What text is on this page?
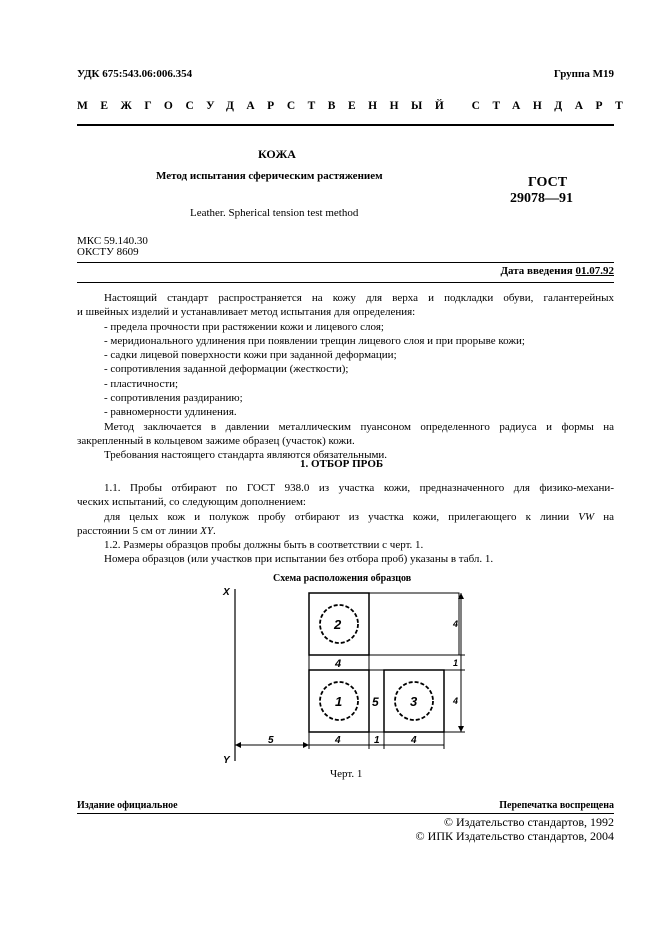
УДК 675:543.06:006.354	Группа М19
МЕЖГОСУДАРСТВЕННЫЙ СТАНДАРТ
КОЖА
Метод испытания сферическим растяжением
Leather. Spherical tension test method
ГОСТ
29078—91
МКС 59.140.30
ОКСТУ 8609
Дата введения 01.07.92
Настоящий стандарт распространяется на кожу для верха и подкладки обуви, галантерейных
и швейных изделий и устанавливает метод испытания для определения:
- предела прочности при растяжении кожи и лицевого слоя;
- меридионального удлинения при появлении трещин лицевого слоя и при прорыве кожи;
- садки лицевой поверхности кожи при заданной деформации;
- сопротивления заданной деформации (жесткости);
- пластичности;
- сопротивления раздиранию;
- равномерности удлинения.
Метод заключается в давлении металлическим пуансоном определенного радиуса и формы на
закрепленный в кольцевом зажиме образец (участок) кожи.
Требования настоящего стандарта являются обязательными.
1. ОТБОР ПРОБ
1.1. Пробы отбирают по ГОСТ 938.0 из участка кожи, предназначенного для физико-механи-
ческих испытаний, со следующим дополнением:
для целых кож и полукож пробу отбирают из участка кожи, прилегающего к линии VW на
расстоянии 5 см от линии XY.
1.2. Размеры образцов пробы должны быть в соответствии с черт. 1.
Номера образцов (или участков при испытании без отбора проб) указаны в табл. 1.
Схема расположения образцов
X
Y
2
1	3
4
5
5	4	1	4
4
1
4
Черт. 1
Издание официальное	Перепечатка воспрещена
© Издательство стандартов, 1992
© ИПК Издательство стандартов, 2004
